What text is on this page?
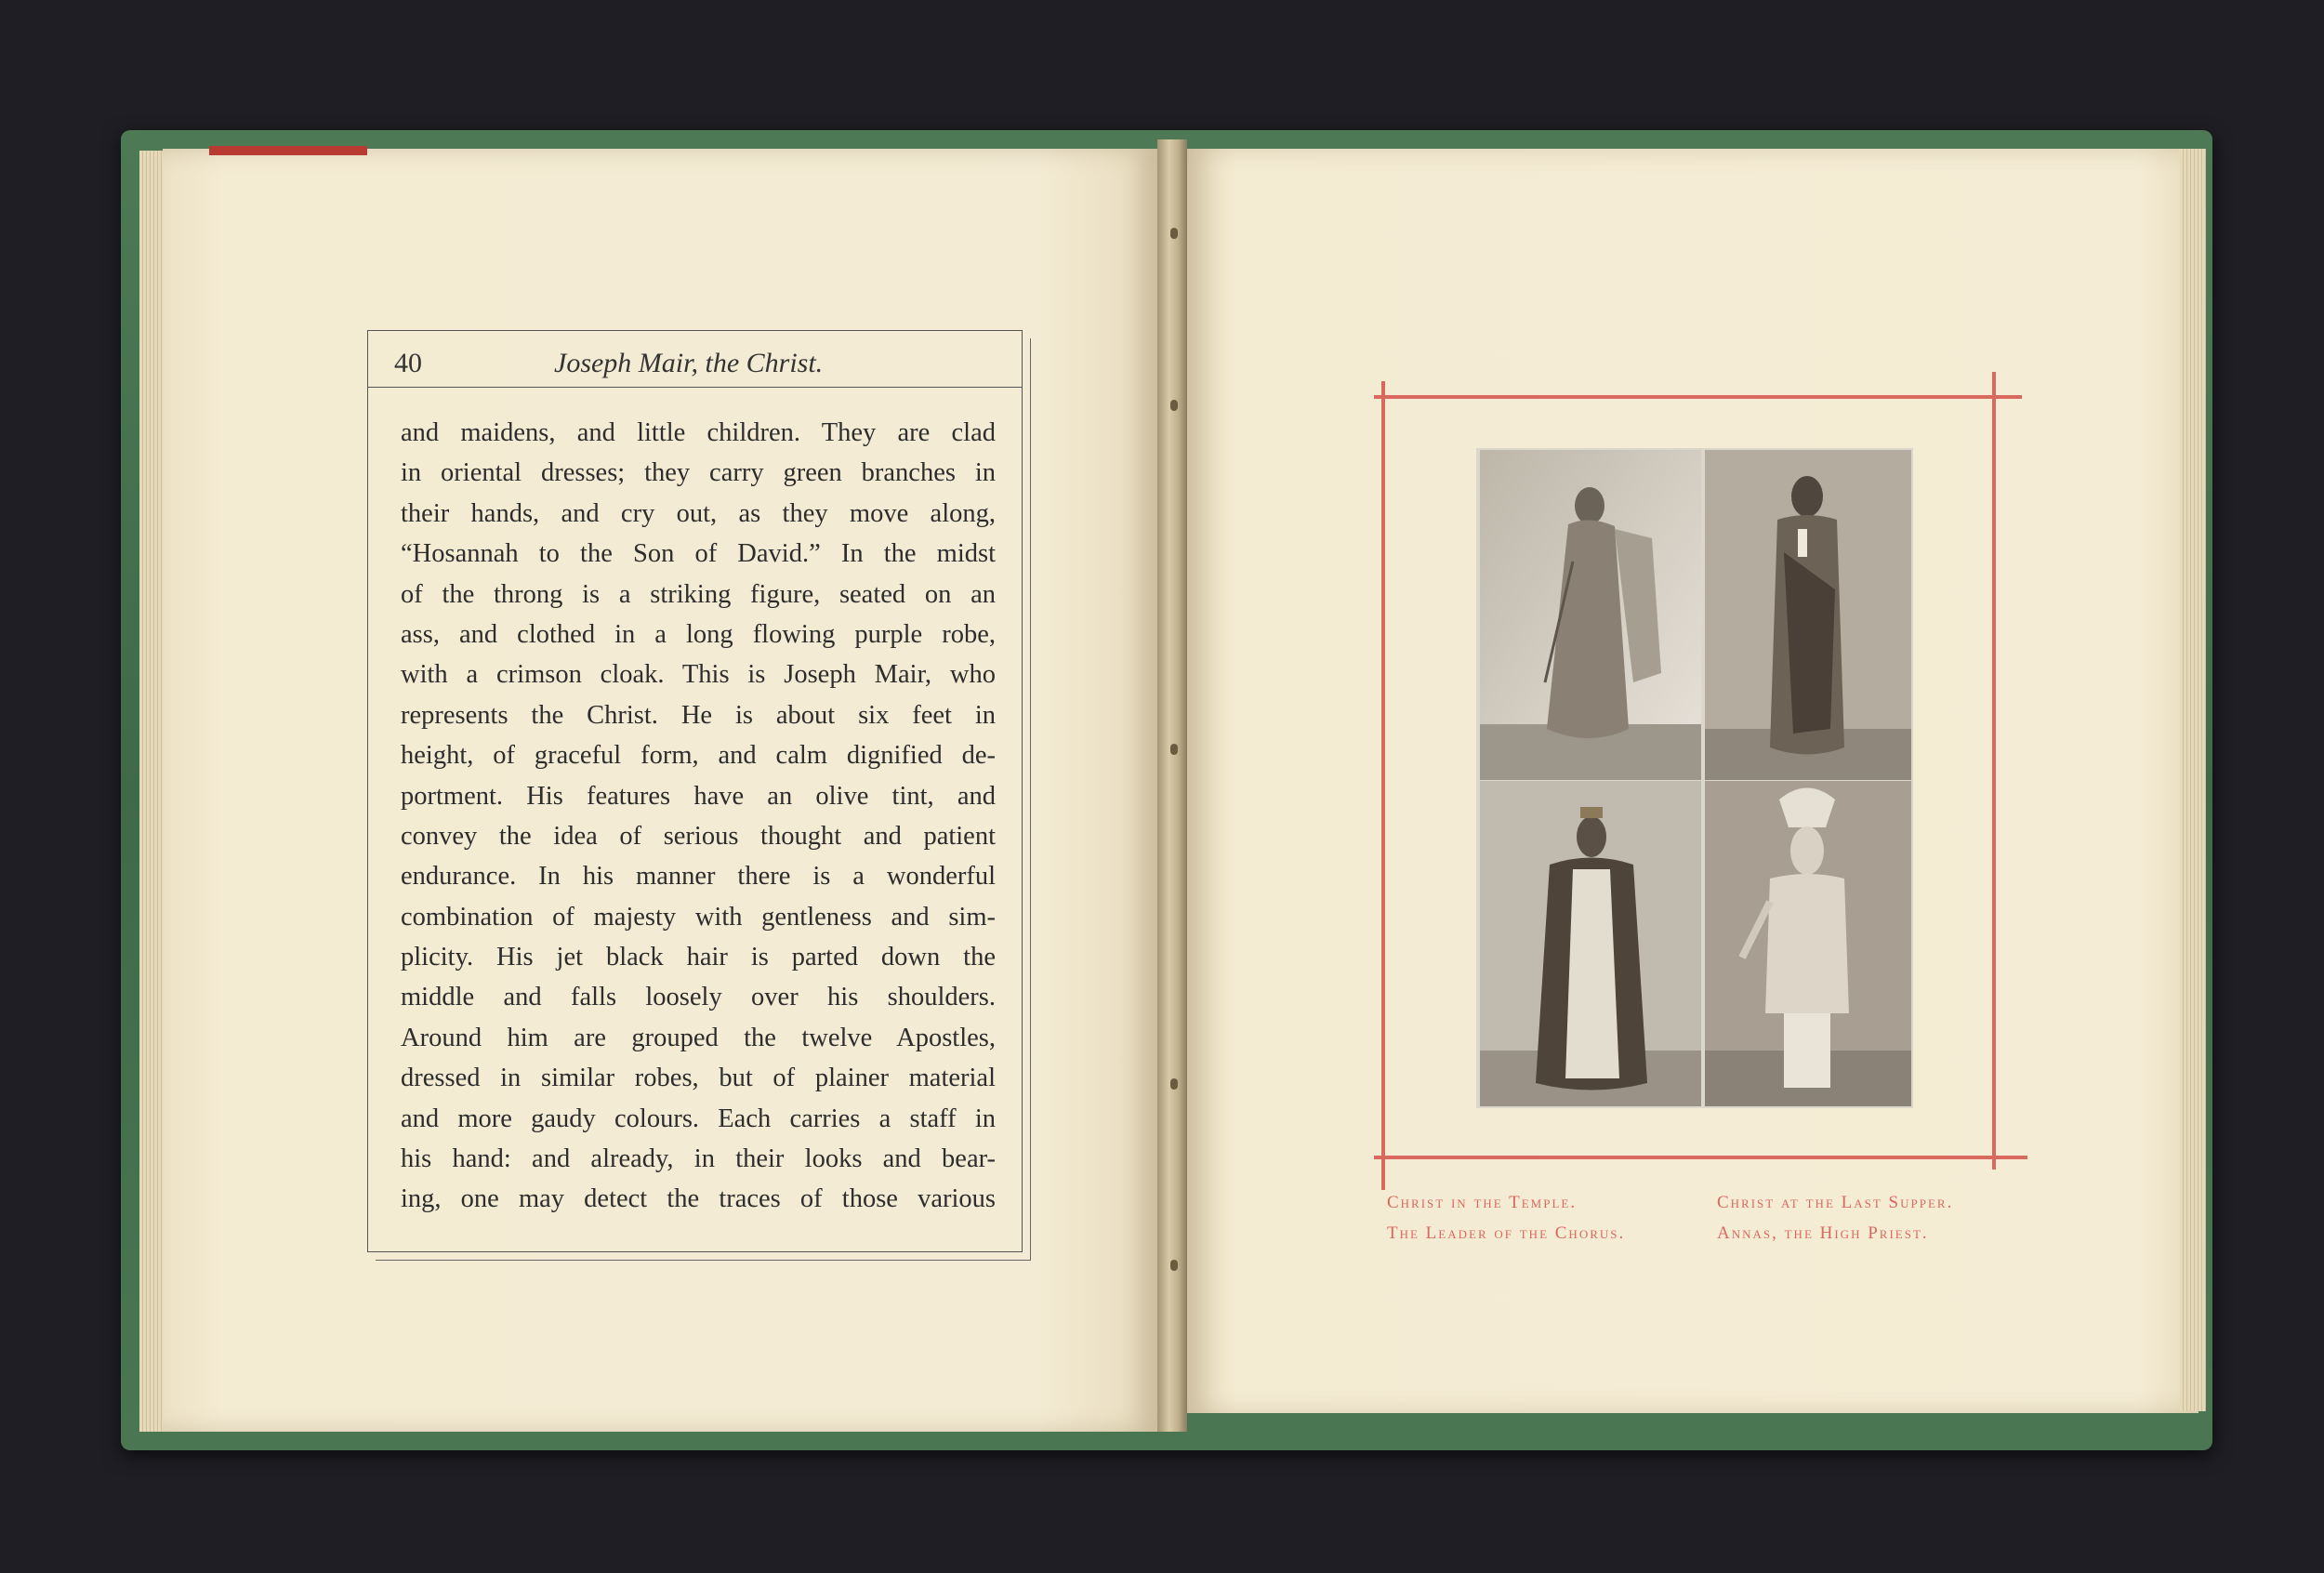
40	Joseph Mair, the Christ.
and maidens, and little children. They are clad
in oriental dresses; they carry green branches in
their hands, and cry out, as they move along,
“Hosannah to the Son of David.” In the midst
of the throng is a striking figure, seated on an
ass, and clothed in a long flowing purple robe,
with a crimson cloak. This is Joseph Mair, who
represents the Christ. He is about six feet in
height, of graceful form, and calm dignified de-
portment. His features have an olive tint, and
convey the idea of serious thought and patient
endurance. In his manner there is a wonderful
combination of majesty with gentleness and sim-
plicity. His jet black hair is parted down the
middle and falls loosely over his shoulders.
Around him are grouped the twelve Apostles,
dressed in similar robes, but of plainer material
and more gaudy colours. Each carries a staff in
his hand: and already, in their looks and bear-
ing, one may detect the traces of those various	Christ in the Temple.	Christ at the Last Supper.
The Leader of the Chorus.	Annas, the High Priest.
